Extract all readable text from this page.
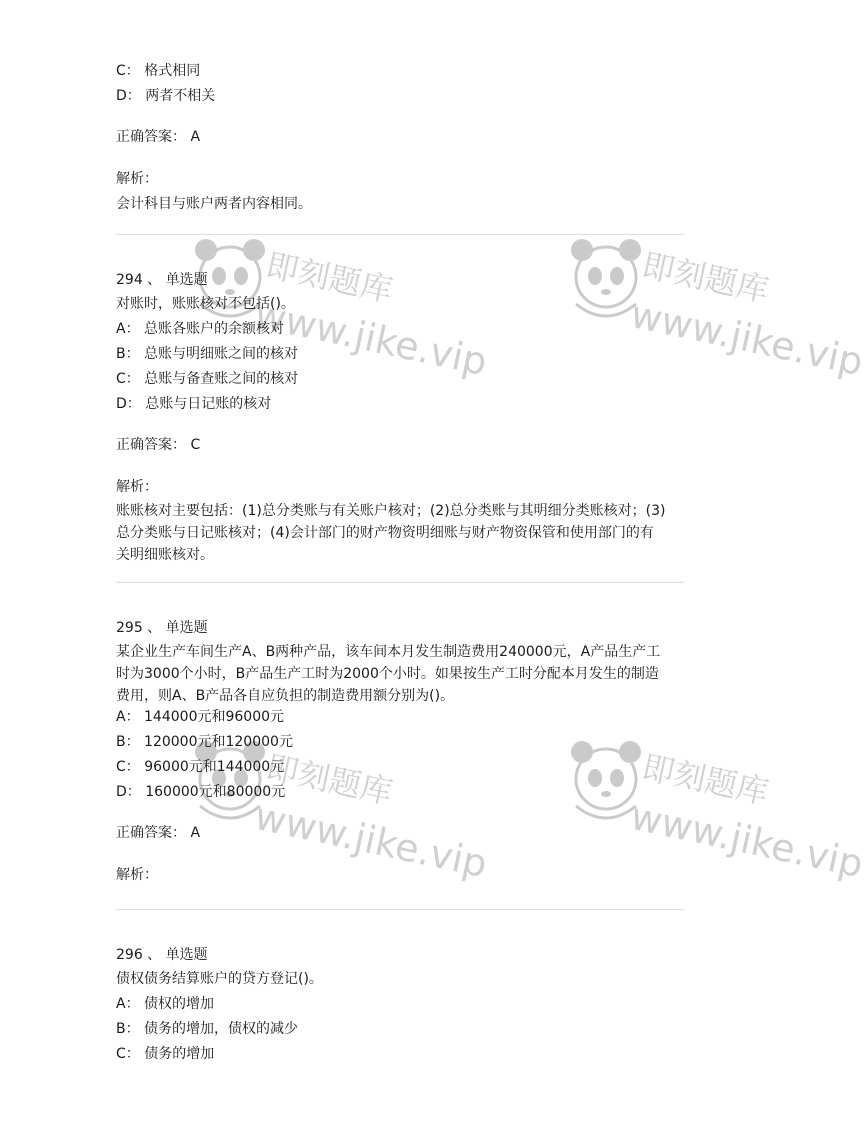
即刻题库
www.jike.vip
即刻题库
www.jike.vip
即刻题库
www.jike.vip
即刻题库
www.jike.vip
C： 格式相同
D： 两者不相关
正确答案： A
解析：
会计科目与账户两者内容相同。
294 、 单选题
对账时，账账核对不包括()。
A： 总账各账户的余额核对
B： 总账与明细账之间的核对
C： 总账与备查账之间的核对
D： 总账与日记账的核对
正确答案： C
解析：
账账核对主要包括：(1)总分类账与有关账户核对；(2)总分类账与其明细分类账核对；(3)
总分类账与日记账核对；(4)会计部门的财产物资明细账与财产物资保管和使用部门的有
关明细账核对。
295 、 单选题
某企业生产车间生产A、B两种产品，该车间本月发生制造费用240000元，A产品生产工
时为3000个小时，B产品生产工时为2000个小时。如果按生产工时分配本月发生的制造
费用，则A、B产品各自应负担的制造费用额分别为()。
A： 144000元和96000元
B： 120000元和120000元
C： 96000元和144000元
D： 160000元和80000元
正确答案： A
解析：
296 、 单选题
债权债务结算账户的贷方登记()。
A： 债权的增加
B： 债务的增加，债权的减少
C： 债务的增加
